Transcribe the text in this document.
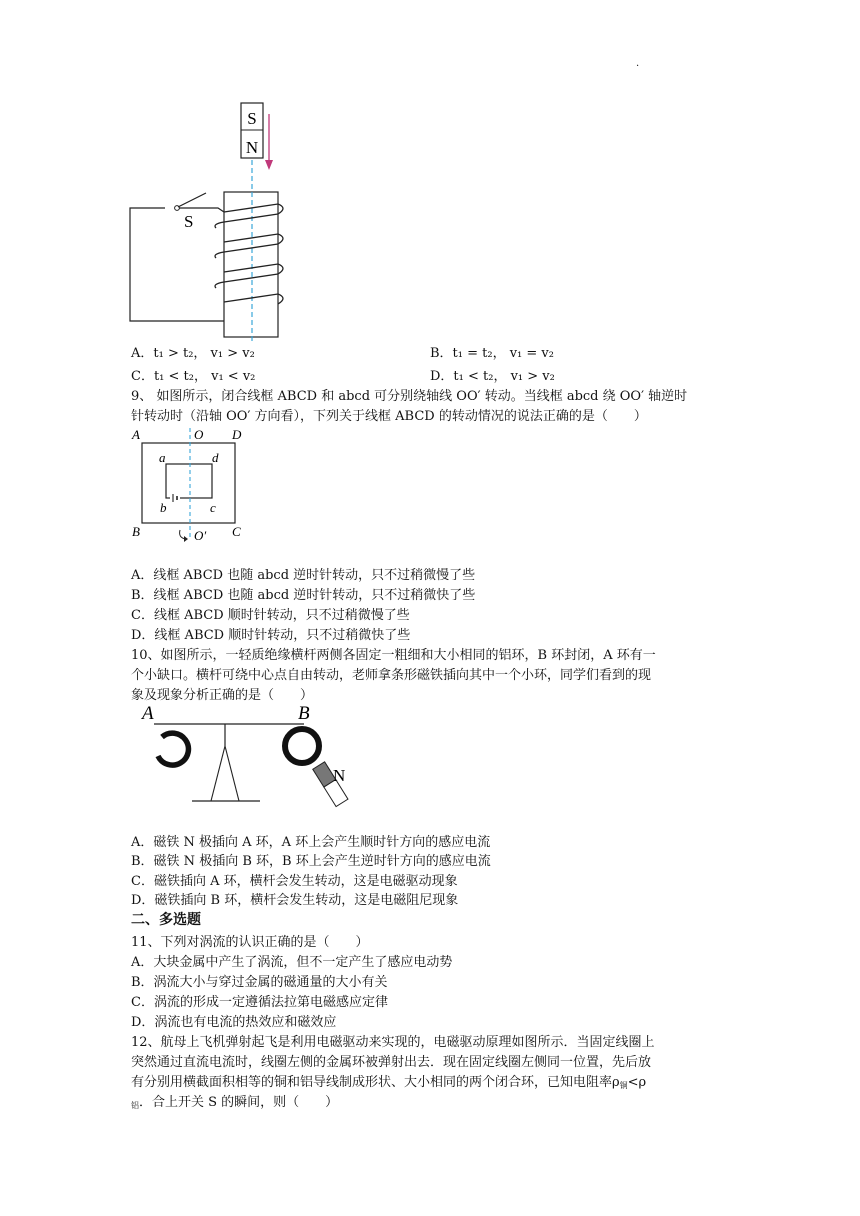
.
S
N
S
A．t₁ > t₂， v₁ > v₂	B．t₁ = t₂， v₁ = v₂
C．t₁ < t₂， v₁ < v₂	D．t₁ < t₂， v₁ > v₂
9、 如图所示，闭合线框 ABCD 和 abcd 可分别绕轴线 OO′ 转动。当线框 abcd 绕 OO′ 轴逆时
针转动时（沿轴 OO′ 方向看），下列关于线框 ABCD 的转动情况的说法正确的是（　　）
A	O D
a	d
b	c
B	C
O′
A．线框 ABCD 也随 abcd 逆时针转动，只不过稍微慢了些
B．线框 ABCD 也随 abcd 逆时针转动，只不过稍微快了些
C．线框 ABCD 顺时针转动，只不过稍微慢了些
D．线框 ABCD 顺时针转动，只不过稍微快了些
10、如图所示，一轻质绝缘横杆两侧各固定一粗细和大小相同的铝环，B 环封闭，A 环有一
个小缺口。横杆可绕中心点自由转动，老师拿条形磁铁插向其中一个小环，同学们看到的现
象及现象分析正确的是（　　）
A	B
N
A．磁铁 N 极插向 A 环，A 环上会产生顺时针方向的感应电流
B．磁铁 N 极插向 B 环，B 环上会产生逆时针方向的感应电流
C．磁铁插向 A 环，横杆会发生转动，这是电磁驱动现象
D．磁铁插向 B 环，横杆会发生转动，这是电磁阻尼现象
二、多选题
11、下列对涡流的认识正确的是（　　）
A．大块金属中产生了涡流，但不一定产生了感应电动势
B．涡流大小与穿过金属的磁通量的大小有关
C．涡流的形成一定遵循法拉第电磁感应定律
D．涡流也有电流的热效应和磁效应
12、航母上飞机弹射起飞是利用电磁驱动来实现的，电磁驱动原理如图所示．当固定线圈上
突然通过直流电流时，线圈左侧的金属环被弹射出去．现在固定线圈左侧同一位置，先后放
有分别用横截面积相等的铜和铝导线制成形状、大小相同的两个闭合环，已知电阻率$\rho_铜<\rho$
$_铝$．合上开关 S 的瞬间，则（　　）
